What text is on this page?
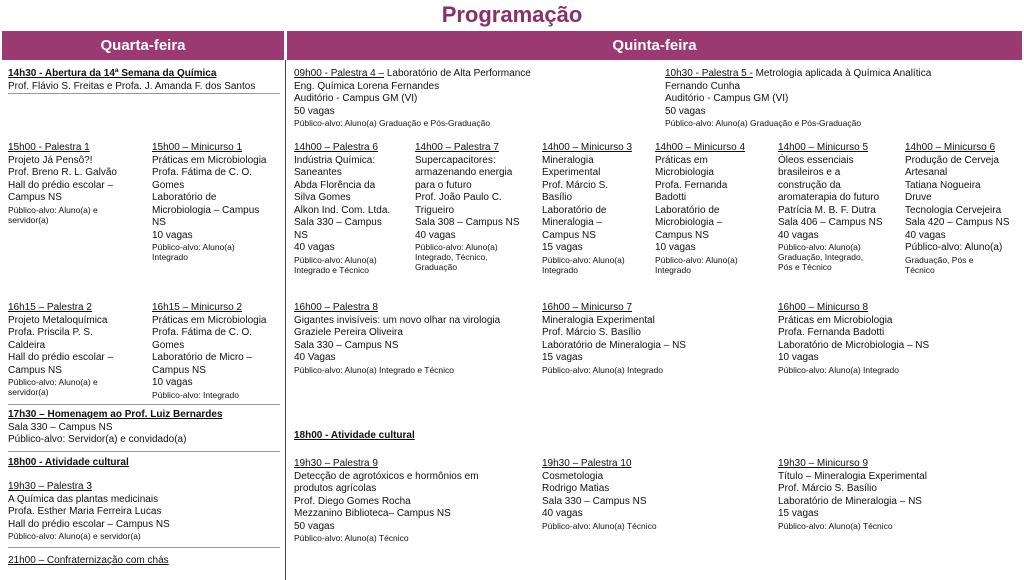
Programação
Quarta-feira	Quinta-feira
14h30 - Abertura da 14ª Semana da Química
Prof. Flávio S. Freitas e Profa. J. Amanda F. dos Santos
15h00 - Palestra 1
Projeto Já Pensô?!
Prof. Breno R. L. Galvão
Hall do prédio escolar –
Campus NS
Público-alvo: Aluno(a) e
servidor(a)
15h00 – Minicurso 1
Práticas em Microbiologia
Profa. Fátima de C. O.
Gomes
Laboratório de
Microbiologia – Campus
NS
10 vagas
Público-alvo: Aluno(a)
Integrado
16h15 – Palestra 2
Projeto Metaloquímica
Profa. Priscila P. S.
Caldeira
Hall do prédio escolar –
Campus NS
Público-alvo: Aluno(a) e
servidor(a)
16h15 – Minicurso 2
Práticas em Microbiologia
Profa. Fátima de C. O.
Gomes
Laboratório de Micro –
Campus NS
10 vagas
Público-alvo: Integrado
17h30 – Homenagem ao Prof. Luiz Bernardes
Sala 330 – Campus NS
Público-alvo: Servidor(a) e convidado(a)
18h00 - Atividade cultural
19h30 – Palestra 3
A Química das plantas medicinais
Profa. Esther Maria Ferreira Lucas
Hall do prédio escolar – Campus NS
Público-alvo: Aluno(a) e servidor(a)
21h00 – Confraternização com chás
09h00 - Palestra 4 – Laboratório de Alta Performance
Eng. Química Lorena Fernandes
Auditório - Campus GM (VI)
50 vagas
Público-alvo: Aluno(a) Graduação e Pós-Graduação
10h30 - Palestra 5 - Metrologia aplicada à Química Analítica
Fernando Cunha
Auditório - Campus GM (VI)
50 vagas
Público-alvo: Aluno(a) Graduação e Pós-Graduação
14h00 – Palestra 6
Indústria Química:
Saneantes
Abda Florência da
Silva Gomes
Alkon Ind. Com. Ltda.
Sala 330 – Campus
NS
40 vagas
Público-alvo: Aluno(a)
Integrado e Técnico
14h00 – Palestra 7
Supercapacitores:
armazenando energia
para o futuro
Prof. João Paulo C.
Trigueiro
Sala 308 – Campus NS
40 vagas
Público-alvo: Aluno(a)
Integrado, Técnico,
Graduação
14h00 – Minicurso 3
Mineralogia
Experimental
Prof. Márcio S.
Basílio
Laboratório de
Mineralogia –
Campus NS
15 vagas
Público-alvo: Aluno(a)
Integrado
14h00 – Minicurso 4
Práticas em
Microbiologia
Profa. Fernanda
Badotti
Laboratório de
Microbiologia –
Campus NS
10 vagas
Público-alvo: Aluno(a)
Integrado
14h00 – Minicurso 5
Óleos essenciais
brasileiros e a
construção da
aromaterapia do futuro
Patrícia M. B. F. Dutra
Sala 406 – Campus NS
40 vagas
Público-alvo: Aluno(a)
Graduação, Integrado,
Pós e Técnico
14h00 – Minicurso 6
Produção de Cerveja
Artesanal
Tatiana Nogueira
Druve
Tecnologia Cervejeira
Sala 420 – Campus NS
40 vagas
Público-alvo: Aluno(a)
Graduação, Pós e
Técnico
16h00 – Palestra 8
Gigantes invisíveis: um novo olhar na virologia
Graziele Pereira Oliveira
Sala 330 – Campus NS
40 Vagas
Público-alvo: Aluno(a) Integrado e Técnico
16h00 – Minicurso 7
Mineralogia Experimental
Prof. Márcio S. Basílio
Laboratório de Mineralogia – NS
15 vagas
Público-alvo: Aluno(a) Integrado
16h00 – Minicurso 8
Práticas em Microbiologia
Profa. Fernanda Badotti
Laboratório de Microbiologia – NS
10 vagas
Público-alvo: Aluno(a) Integrado
18h00 - Atividade cultural
19h30 – Palestra 9
Detecção de agrotóxicos e hormônios em
produtos agrícolas
Prof. Diego Gomes Rocha
Mezzanino Biblioteca– Campus NS
50 vagas
Público-alvo: Aluno(a) Técnico
19h30 – Palestra 10
Cosmetologia
Rodrigo Matias
Sala 330 – Campus NS
40 vagas
Público-alvo: Aluno(a) Técnico
19h30 – Minicurso 9
Título – Mineralogia Experimental
Prof. Márcio S. Basílio
Laboratório de Mineralogia – NS
15 vagas
Público-alvo: Aluno(a) Técnico
